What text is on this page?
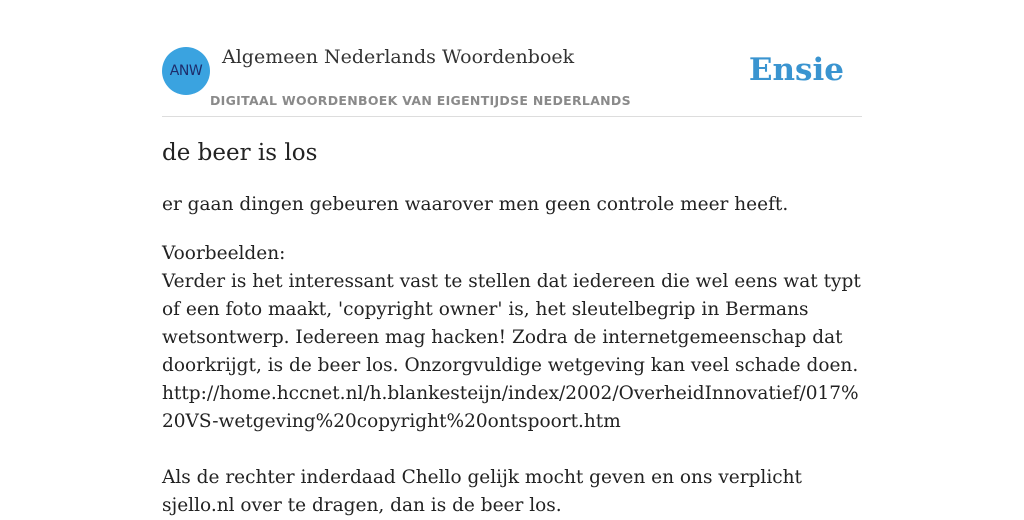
ANW
Algemeen Nederlands Woordenboek
DIGITAAL WOORDENBOEK VAN EIGENTIJDSE NEDERLANDS
Ensie
de beer is los
er gaan dingen gebeuren waarover men geen controle meer heeft.
Voorbeelden:
Verder is het interessant vast te stellen dat iedereen die wel eens wat typt of een foto maakt, 'copyright owner' is, het sleutelbegrip in Bermans wetsontwerp. Iedereen mag hacken! Zodra de internetgemeenschap dat doorkrijgt, is de beer los. Onzorgvuldige wetgeving kan veel schade doen. http://home.hccnet.nl/h.blankesteijn/index/2002/OverheidInnovatief/017%20VS-wetgeving%20copyright%20ontspoort.htm
Als de rechter inderdaad Chello gelijk mocht geven en ons verplicht sjello.nl over te dragen, dan is de beer los.
